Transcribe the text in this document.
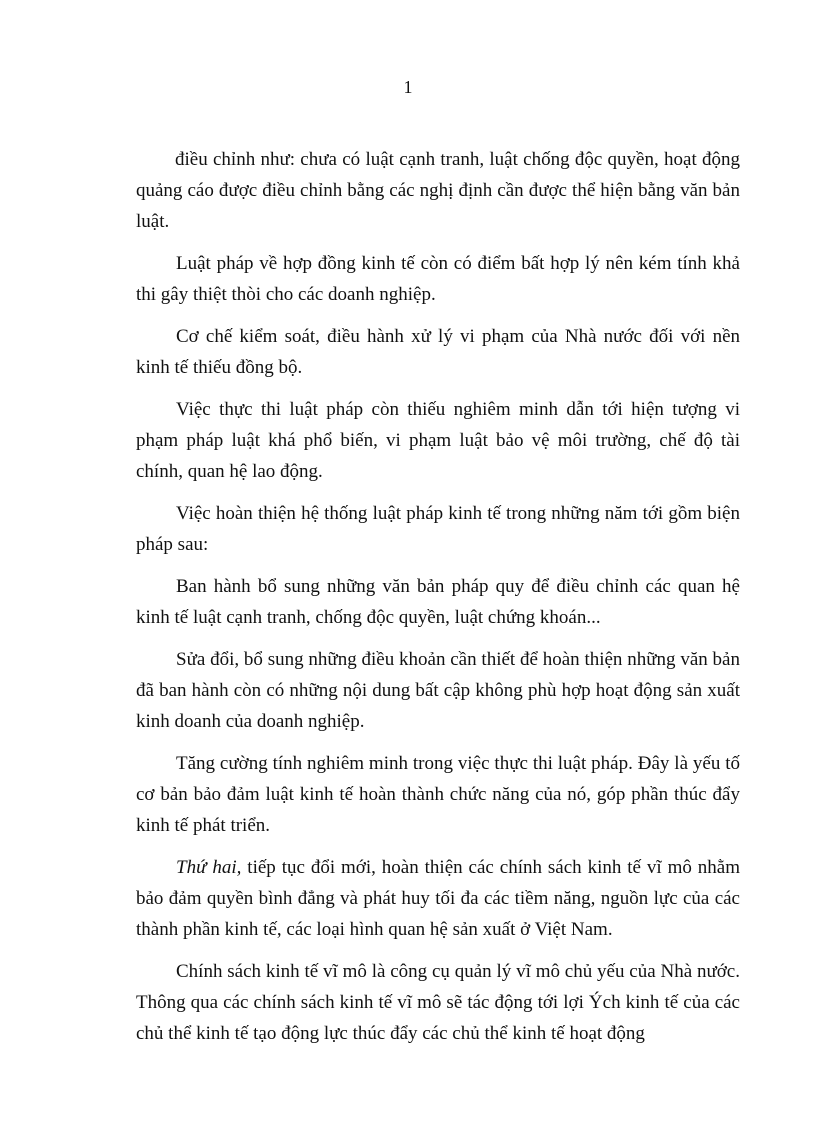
1

điều chỉnh như: chưa có luật cạnh tranh, luật chống độc quyền, hoạt động quảng cáo được điều chỉnh bằng các nghị định cần được thể hiện bằng văn bản luật.

Luật pháp về hợp đồng kinh tế còn có điểm bất hợp lý nên kém tính khả thi gây thiệt thòi cho các doanh nghiệp.

Cơ chế kiểm soát, điều hành xử lý vi phạm của Nhà nước đối với nền kinh tế thiếu đồng bộ.

Việc thực thi luật pháp còn thiếu nghiêm minh dẫn tới hiện tượng vi phạm pháp luật khá phổ biến, vi phạm luật bảo vệ môi trường, chế độ tài chính, quan hệ lao động.

Việc hoàn thiện hệ thống luật pháp kinh tế trong những năm tới gồm biện pháp sau:

Ban hành bổ sung những văn bản pháp quy để điều chỉnh các quan hệ kinh tế luật cạnh tranh, chống độc quyền, luật chứng khoán...

Sửa đổi, bổ sung những điều khoản cần thiết để hoàn thiện những văn bản đã ban hành còn có những nội dung bất cập không phù hợp hoạt động sản xuất kinh doanh của doanh nghiệp.

Tăng cường tính nghiêm minh trong việc thực thi luật pháp. Đây là yếu tố cơ bản bảo đảm luật kinh tế hoàn thành chức năng của nó, góp phần thúc đẩy kinh tế phát triển.

Thứ hai, tiếp tục đổi mới, hoàn thiện các chính sách kinh tế vĩ mô nhằm bảo đảm quyền bình đẳng và phát huy tối đa các tiềm năng, nguồn lực của các thành phần kinh tế, các loại hình quan hệ sản xuất ở Việt Nam.

Chính sách kinh tế vĩ mô là công cụ quản lý vĩ mô chủ yếu của Nhà nước. Thông qua các chính sách kinh tế vĩ mô sẽ tác động tới lợi Ých kinh tế của các chủ thể kinh tế tạo động lực thúc đẩy các chủ thể kinh tế hoạt động
